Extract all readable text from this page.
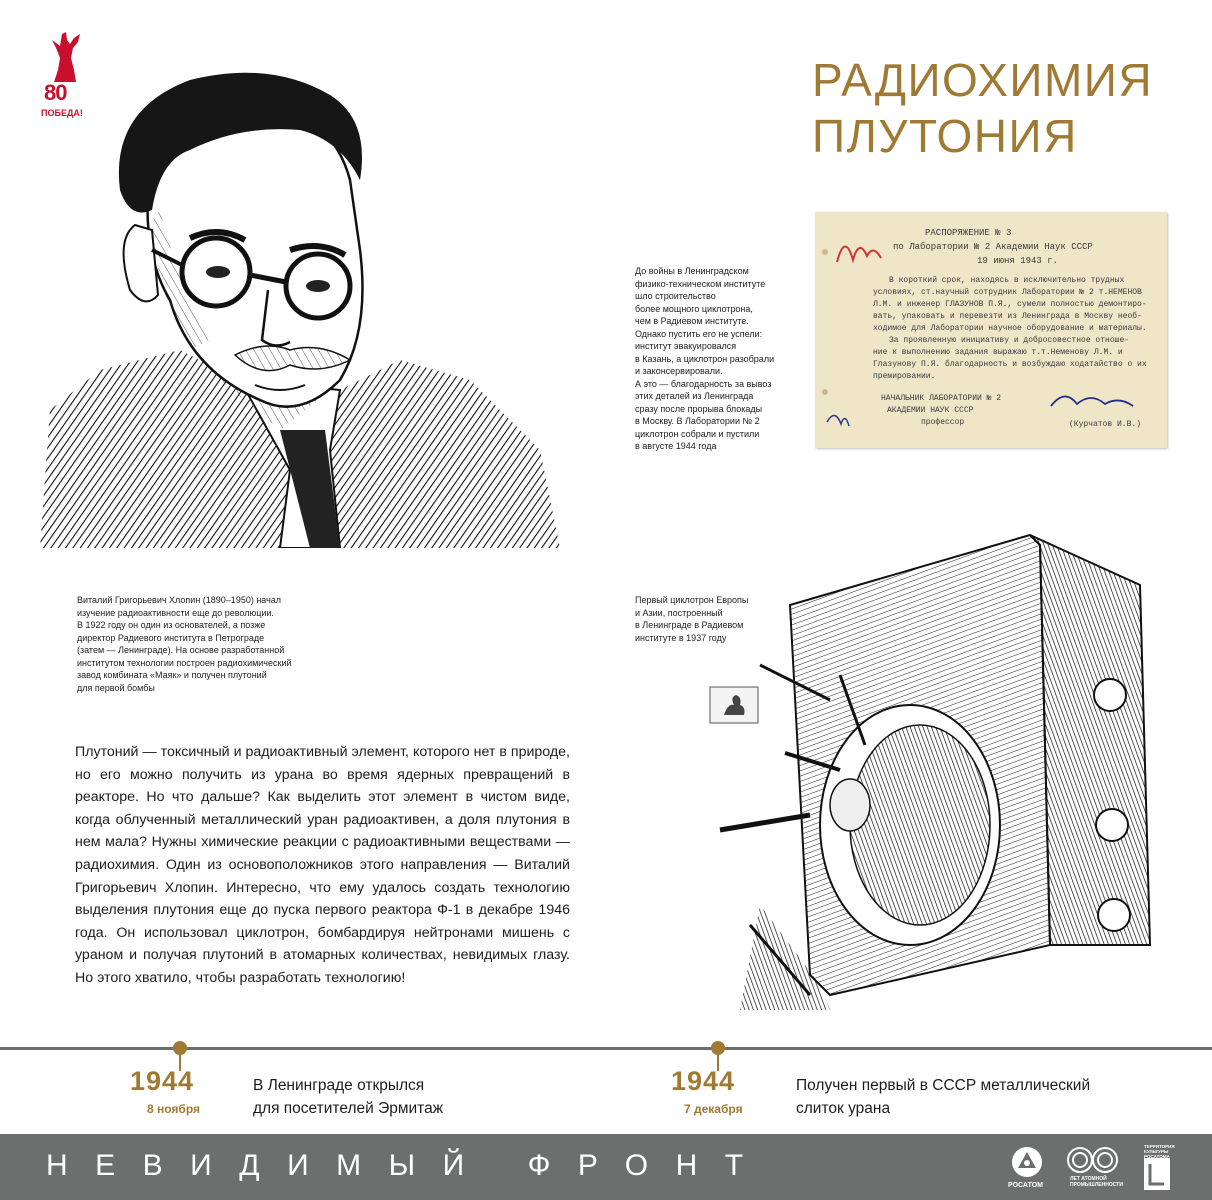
80
ПОБЕДА!
РАДИОХИМИЯ
ПЛУТОНИЯ
До войны в Ленинградском
физико-техническом институте
шло строительство
более мощного циклотрона,
чем в Радиевом институте.
Однако пустить его не успели:
институт эвакуировался
в Казань, а циклотрон разобрали
и законсервировали.
А это — благодарность за вывоз
этих деталей из Ленинграда
сразу после прорыва блокады
в Москву. В Лаборатории № 2
циклотрон собрали и пустили
в августе 1944 года
РАСПОРЯЖЕНИЕ № 3
по Лаборатории № 2 Академии Наук СССР
19 июня 1943 г.
В короткий срок, находясь в исключительно трудных
условиях, ст.научный сотрудник Лаборатории № 2 т.НЕМЕНОВ
Л.М. и инженер ГЛАЗУНОВ П.Я., сумели полностью демонтиро-
вать, упаковать и перевезти из Ленинграда в Москву необ-
ходимое для Лаборатории научное оборудование и материалы.
За проявленную инициативу и добросовестное отноше-
ние к выполнению задания выражаю т.т.Неменову Л.М. и
Глазунову П.Я. благодарность и возбуждаю ходатайство о их
премировании.
НАЧАЛЬНИК ЛАБОРАТОРИИ № 2
АКАДЕМИИ НАУК СССР
профессор	(Курчатов И.В.)
Виталий Григорьевич Хлопин (1890–1950) начал
изучение радиоактивности еще до революции.
В 1922 году он один из основателей, а позже
директор Радиевого института в Петрограде
(затем — Ленинграде). На основе разработанной
институтом технологии построен радиохимический
завод комбината «Маяк» и получен плутоний
для первой бомбы
Первый циклотрон Европы
и Азии, построенный
в Ленинграде в Радиевом
институте в 1937 году
Плутоний — токсичный и радиоактивный элемент, которого нет в природе, но его можно получить из урана во время ядерных превращений в реакторе. Но что дальше? Как выделить этот элемент в чистом виде, когда облученный металлический уран радиоактивен, а доля плутония в нем мала? Нужны химические реакции с радиоактивными веществами — радиохимия. Один из основоположников этого направления — Виталий Григорьевич Хлопин. Интересно, что ему удалось создать технологию выделения плутония еще до пуска первого реактора Ф-1 в декабре 1946 года. Он использовал циклотрон, бомбардируя нейтронами мишень с ураном и получая плутоний в атомарных количествах, невидимых глазу. Но этого хватило, чтобы разработать технологию!
1944
8 ноября
В Ленинграде открылся
для посетителей Эрмитаж
1944
7 декабря
Получен первый в СССР металлический
слиток урана
НЕВИДИМЫЙ ФРОНТ
РОСАТОМ
ЛЕТ АТОМНОЙ ПРОМЫШЛЕННОСТИ
ТЕРРИТОРИЯ КУЛЬТУРЫ РОСАТОМА
